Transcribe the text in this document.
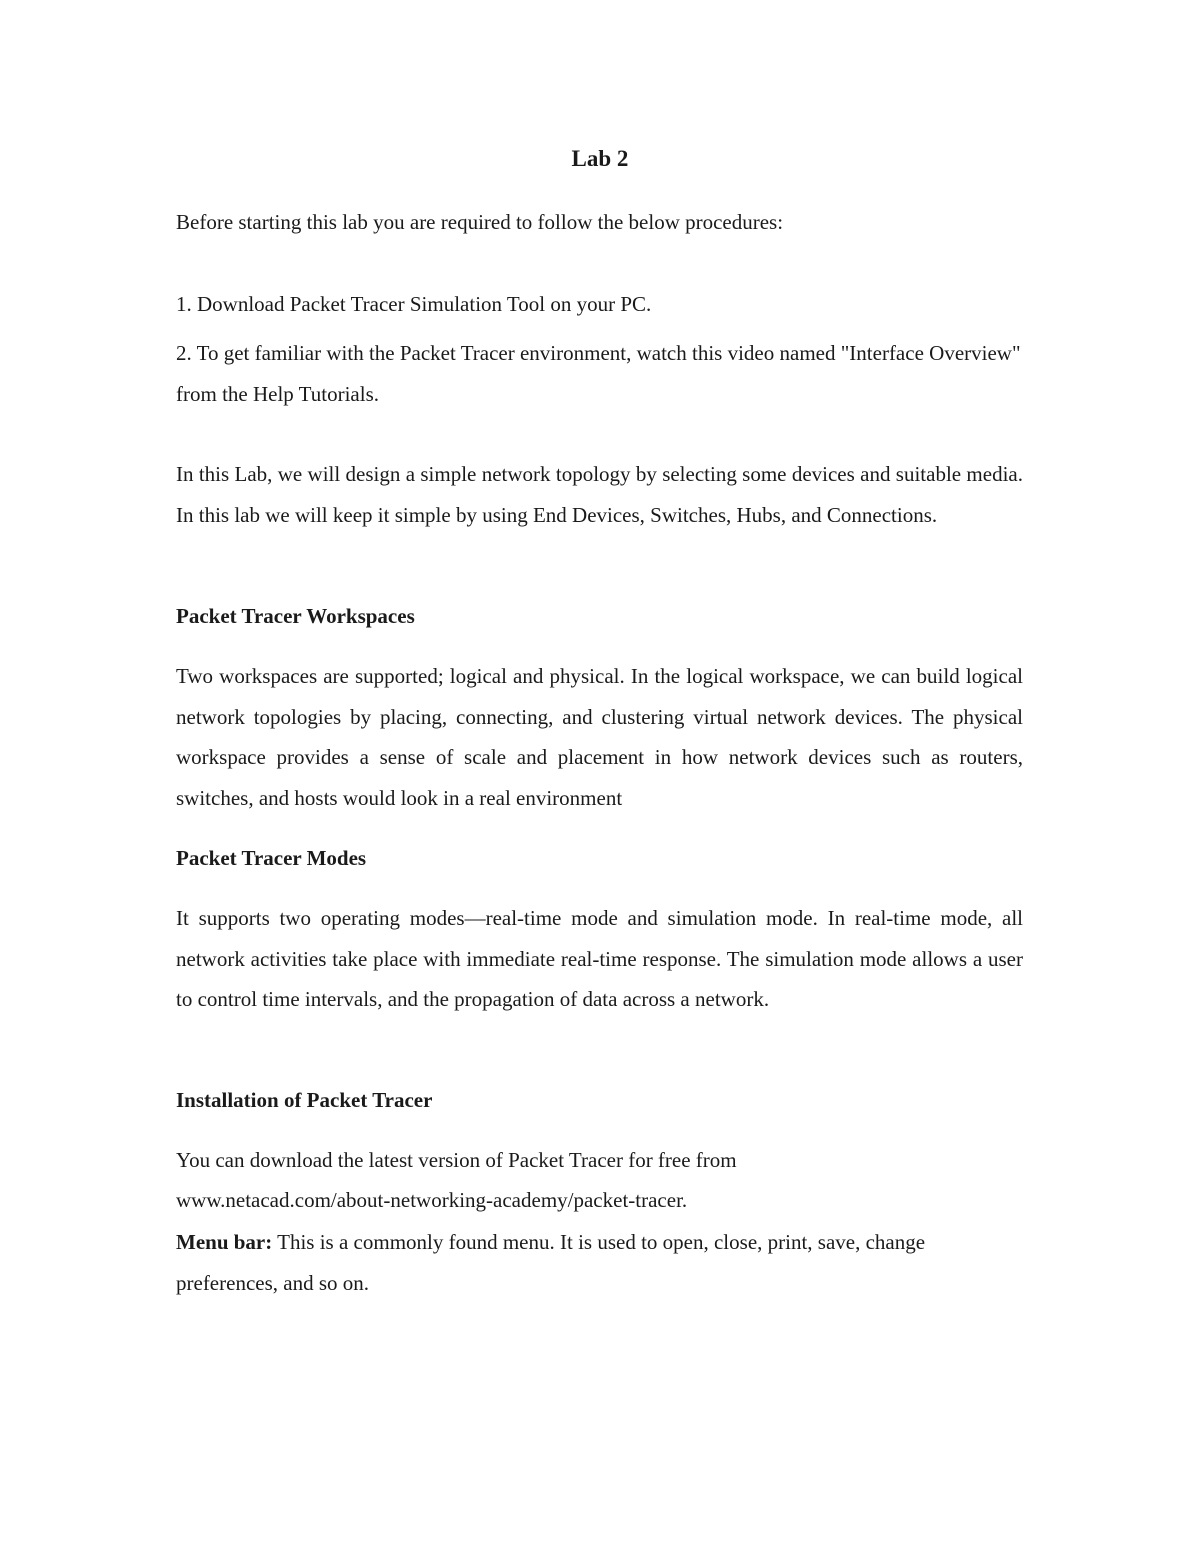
Lab 2

Before starting this lab you are required to follow the below procedures:

1. Download Packet Tracer Simulation Tool on your PC.

2. To get familiar with the Packet Tracer environment, watch this video named "Interface Overview" from the Help Tutorials.

In this Lab, we will design a simple network topology by selecting some devices and suitable media. In this lab we will keep it simple by using End Devices, Switches, Hubs, and Connections.

Packet Tracer Workspaces

Two workspaces are supported; logical and physical. In the logical workspace, we can build logical network topologies by placing, connecting, and clustering virtual network devices. The physical workspace provides a sense of scale and placement in how network devices such as routers, switches, and hosts would look in a real environment

Packet Tracer Modes

It supports two operating modes—real-time mode and simulation mode. In real-time mode, all network activities take place with immediate real-time response. The simulation mode allows a user to control time intervals, and the propagation of data across a network.

Installation of Packet Tracer

You can download the latest version of Packet Tracer for free from

www.netacad.com/about-networking-academy/packet-tracer.

Menu bar: This is a commonly found menu. It is used to open, close, print, save, change preferences, and so on.
